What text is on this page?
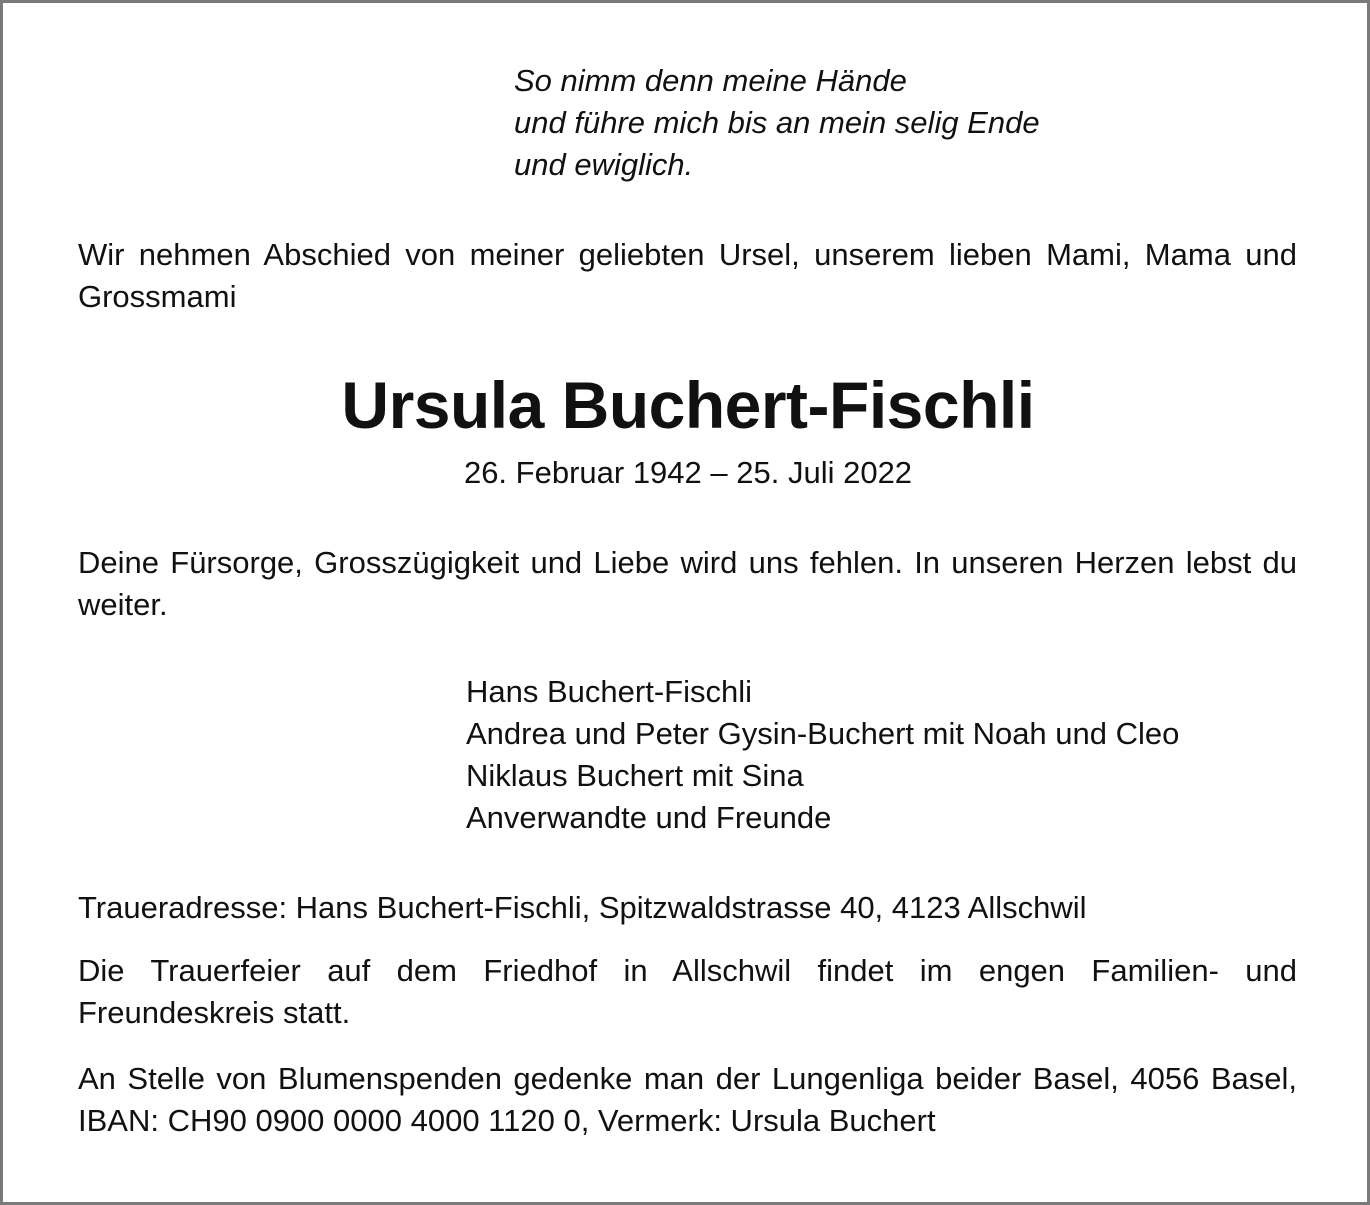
So nimm denn meine Hände
und führe mich bis an mein selig Ende
und ewiglich.
Wir nehmen Abschied von meiner geliebten Ursel, unserem lieben Mami, Mama und Grossmami
Ursula Buchert-Fischli
26. Februar 1942 – 25. Juli 2022
Deine Fürsorge, Grosszügigkeit und Liebe wird uns fehlen. In unseren Herzen lebst du weiter.
Hans Buchert-Fischli
Andrea und Peter Gysin-Buchert mit Noah und Cleo
Niklaus Buchert mit Sina
Anverwandte und Freunde
Traueradresse: Hans Buchert-Fischli, Spitzwaldstrasse 40, 4123 Allschwil
Die Trauerfeier auf dem Friedhof in Allschwil findet im engen Familien- und Freundeskreis statt.
An Stelle von Blumenspenden gedenke man der Lungenliga beider Basel, 4056 Basel, IBAN: CH90 0900 0000 4000 1120 0, Vermerk: Ursula Buchert
